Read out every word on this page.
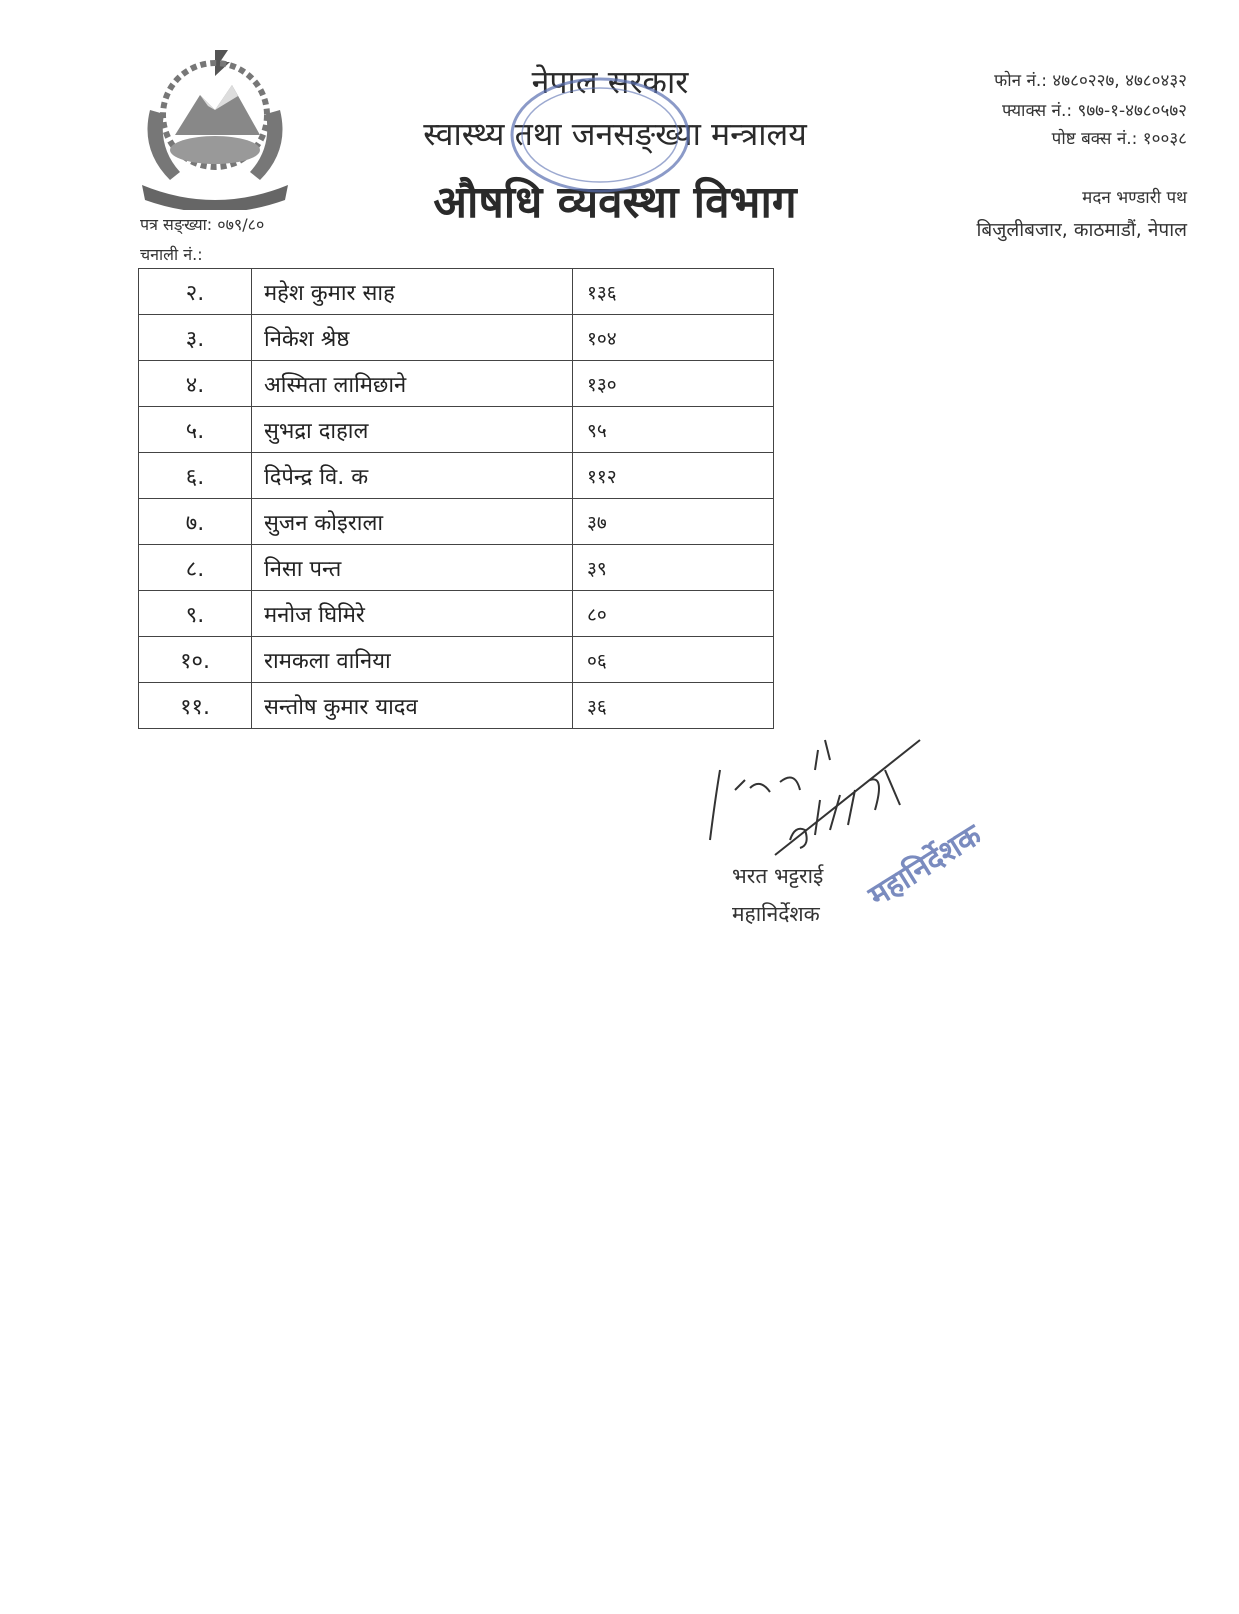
नेपाल सरकार
स्वास्थ्य तथा जनसङ्ख्या मन्त्रालय
औषधि व्यवस्था विभाग
फोन नं.: ४७८०२२७, ४७८०४३२
फ्याक्स नं.: ९७७-१-४७८०५७२
पोष्ट बक्स नं.: १००३८
मदन भण्डारी पथ
बिजुलीबजार, काठमाडौं, नेपाल
पत्र सङ्ख्या: ०७९/८०
चनाली नं.:
२.	महेश कुमार साह	१३६
३.	निकेश श्रेष्ठ	१०४
४.	अस्मिता लामिछाने	१३०
५.	सुभद्रा दाहाल	९५
६.	दिपेन्द्र वि. क	११२
७.	सुजन कोइराला	३७
८.	निसा पन्त	३९
९.	मनोज घिमिरे	८०
१०.	रामकला वानिया	०६
११.	सन्तोष कुमार यादव	३६
भरत भट्टराई
महानिर्देशक
महानिर्देशक
